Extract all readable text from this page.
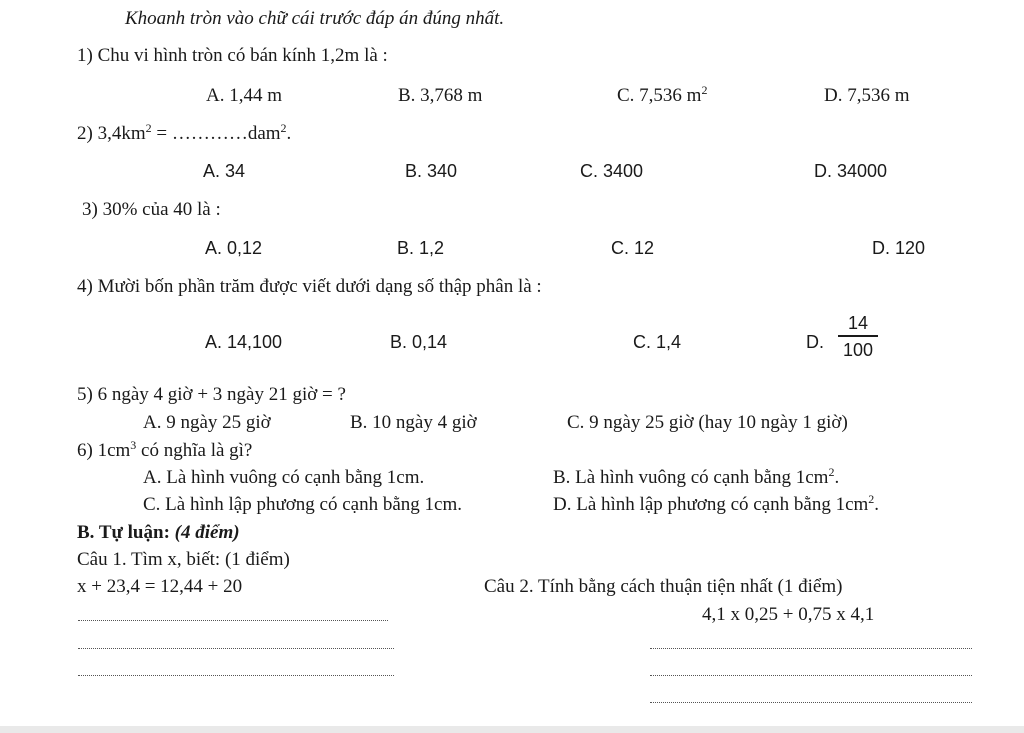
Khoanh tròn vào chữ cái trước đáp án đúng nhất.
1) Chu vi hình tròn có bán kính 1,2m là :
A. 1,44 m	B. 3,768 m	C. 7,536 $m^2$	D. 7,536 m
2) $3,4km^2$ = …………dam$^2$.
A. 34	B. 340	C. 3400	D. 34000
3) 30% của 40 là :
A. 0,12	B. 1,2	C. 12	D. 120
4) Mười bốn phần trăm được viết dưới dạng số thập phân là :
A. 14,100	B. 0,14	C. 1,4	D.
14
100
5) 6 ngày 4 giờ + 3 ngày 21 giờ = ?
A. 9 ngày 25 giờ	B. 10 ngày 4 giờ	C. 9 ngày 25 giờ (hay 10 ngày 1 giờ)
6) $1cm^3$ có nghĩa là gì?
A. Là hình vuông có cạnh bằng 1cm.	B. Là hình vuông có cạnh bằng $1cm^2$.
C. Là hình lập phương có cạnh bằng 1cm.	D. Là hình lập phương có cạnh bằng $1cm^2$.
B. Tự luận: (4 điểm)
Câu 1. Tìm x, biết: (1 điểm)
x + 23,4 = 12,44 + 20	Câu 2. Tính bằng cách thuận tiện nhất (1 điểm)
4,1 x 0,25 + 0,75 x 4,1
